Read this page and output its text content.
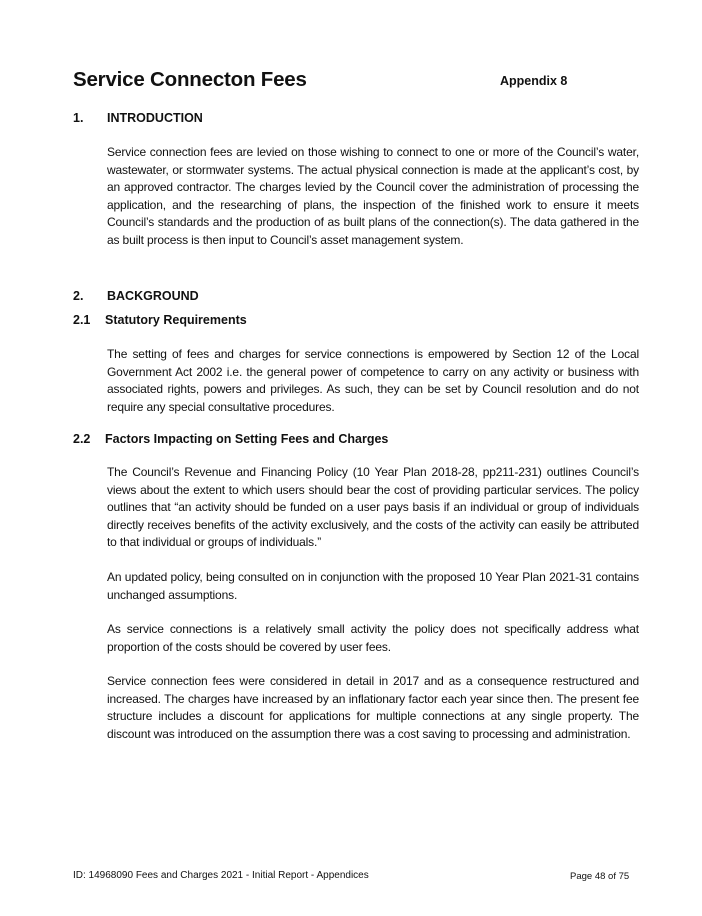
Service Connecton Fees	Appendix 8
1. INTRODUCTION

Service connection fees are levied on those wishing to connect to one or more of the Council’s water, wastewater, or stormwater systems. The actual physical connection is made at the applicant’s cost, by an approved contractor. The charges levied by the Council cover the administration of processing the application, and the researching of plans, the inspection of the finished work to ensure it meets Council’s standards and the production of as built plans of the connection(s). The data gathered in the as built process is then input to Council’s asset management system.

2. BACKGROUND
2.1 Statutory Requirements

The setting of fees and charges for service connections is empowered by Section 12 of the Local Government Act 2002 i.e. the general power of competence to carry on any activity or business with associated rights, powers and privileges. As such, they can be set by Council resolution and do not require any special consultative procedures.

2.2 Factors Impacting on Setting Fees and Charges

The Council’s Revenue and Financing Policy (10 Year Plan 2018-28, pp211-231) outlines Council’s views about the extent to which users should bear the cost of providing particular services. The policy outlines that “an activity should be funded on a user pays basis if an individual or group of individuals directly receives benefits of the activity exclusively, and the costs of the activity can easily be attributed to that individual or groups of individuals.”

An updated policy, being consulted on in conjunction with the proposed 10 Year Plan 2021-31 contains unchanged assumptions.

As service connections is a relatively small activity the policy does not specifically address what proportion of the costs should be covered by user fees.

Service connection fees were considered in detail in 2017 and as a consequence restructured and increased. The charges have increased by an inflationary factor each year since then. The present fee structure includes a discount for applications for multiple connections at any single property. The discount was introduced on the assumption there was a cost saving to processing and administration.

ID: 14968090 Fees and Charges 2021 - Initial Report - Appendices	Page 48 of 75
